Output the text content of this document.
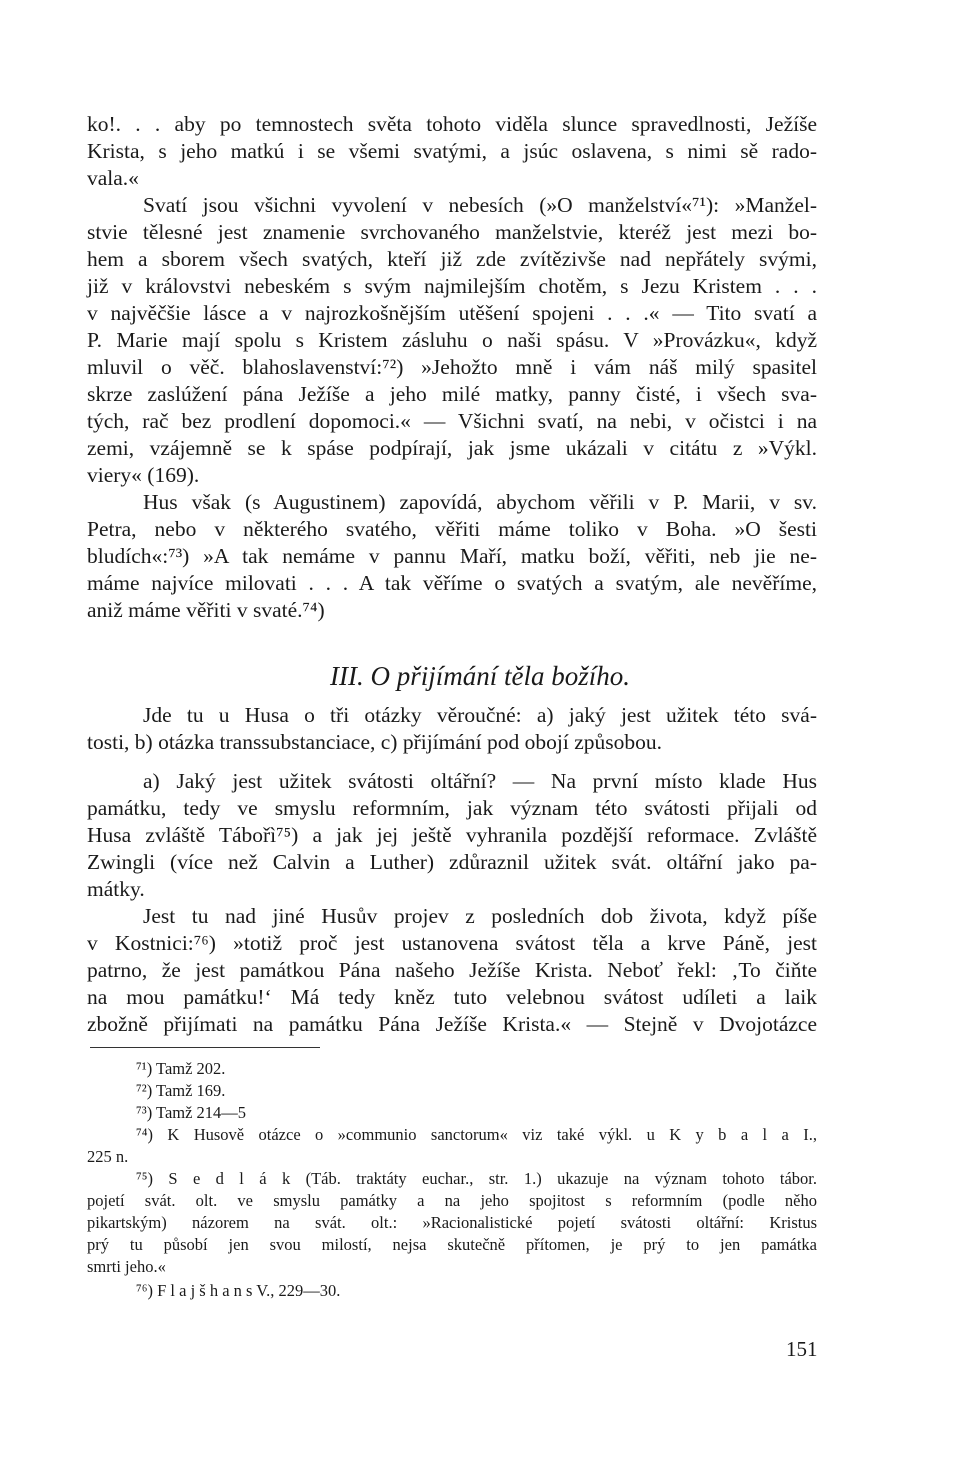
ko!. . . aby po temnostech světa tohoto viděla slunce spravedlnosti, Ježíše
Krista, s jeho matkú i se všemi svatými, a jsúc oslavena, s nimi sě rado-
vala.«
Svatí jsou všichni vyvolení v nebesích (»O manželství«⁷¹): »Manžel-
stvie tělesné jest znamenie svrchovaného manželstvie, kteréž jest mezi bo-
hem a sborem všech svatých, kteří již zde zvítězivše nad nepřátely svými,
již v královstvi nebeském s svým najmilejším chotěm, s Jezu Kristem . . .
v najvěčšie lásce a v najrozkošnějším utěšení spojeni . . .« — Tito svatí a
P. Marie mají spolu s Kristem zásluhu o naši spásu. V »Provázku«, když
mluvil o věč. blahoslavenství:⁷²) »Jehožto mně i vám náš milý spasitel
skrze zaslúžení pána Ježíše a jeho milé matky, panny čisté, i všech sva-
tých, rač bez prodlení dopomoci.« — Všichni svatí, na nebi, v očistci i na
zemi, vzájemně se k spáse podpírají, jak jsme ukázali v citátu z »Výkl.
viery« (169).
Hus však (s Augustinem) zapovídá, abychom věřili v P. Marii, v sv.
Petra, nebo v některého svatého, věřiti máme toliko v Boha. »O šesti
bludích«:⁷³) »A tak nemáme v pannu Maří, matku boží, věřiti, neb jie ne-
máme najvíce milovati . . . A tak věříme o svatých a svatým, ale nevěříme,
aniž máme věřiti v svaté.⁷⁴)
III. O přijímání těla božího.
Jde tu u Husa o tři otázky věroučné: a) jaký jest užitek této svá-
tosti, b) otázka transsubstanciace, c) přijímání pod obojí způsobou.
a) Jaký jest užitek svátosti oltářní? — Na první místo klade Hus
památku, tedy ve smyslu reformním, jak význam této svátosti přijali od
Husa zvláště Tábořì⁷⁵) a jak jej ještě vyhranila pozdější reformace. Zvláště
Zwingli (více než Calvin a Luther) zdůraznil užitek svát. oltářní jako pa-
mátky.
Jest tu nad jiné Husův projev z posledních dob života, když píše
v Kostnici:⁷⁶) »totiž proč jest ustanovena svátost těla a krve Páně, jest
patrno, že jest památkou Pána našeho Ježíše Krista. Neboť řekl: ‚To čiňte
na mou památku!‘ Má tedy kněz tuto velebnou svátost udíleti a laik
zbožně přijímati na památku Pána Ježíše Krista.« — Stejně v Dvojotázce
⁷¹) Tamž 202.
⁷²) Tamž 169.
⁷³) Tamž 214—5
⁷⁴) K Husově otázce o »communio sanctorum« viz také výkl. u K y b a l a I.,
225 n.
⁷⁵) S e d l á k (Táb. traktáty euchar., str. 1.) ukazuje na význam tohoto tábor.
pojetí svát. olt. ve smyslu památky a na jeho spojitost s reformním (podle něho
pikartským) názorem na svát. olt.: »Racionalistické pojetí svátosti oltářní: Kristus
prý tu působí jen svou milostí, nejsa skutečně přítomen, je prý to jen památka
smrti jeho.«
⁷⁶) F l a j š h a n s V., 229—30.
151
